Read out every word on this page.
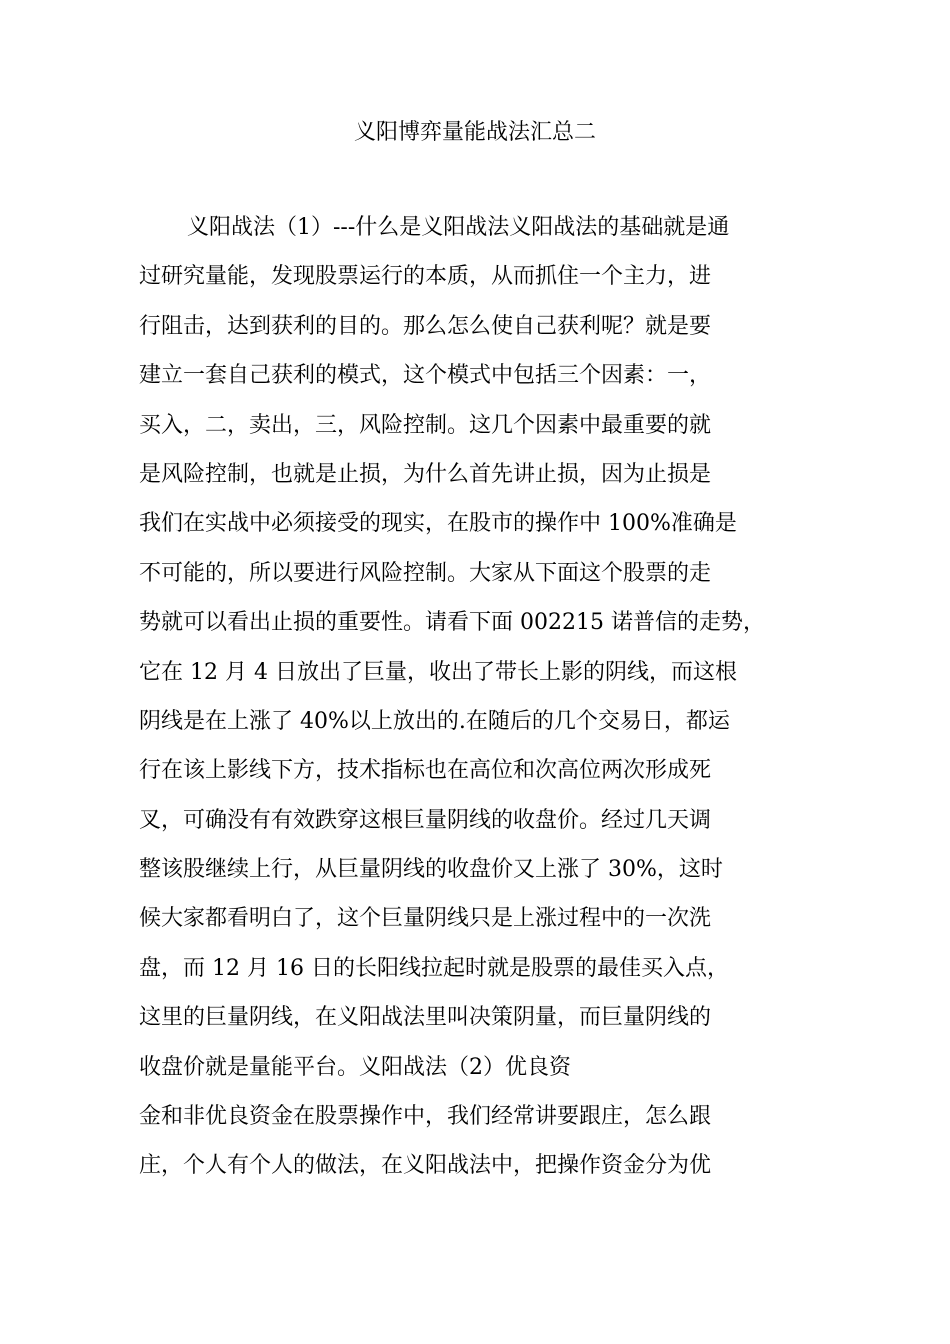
义阳博弈量能战法汇总二
义阳战法（1）---什么是义阳战法义阳战法的基础就是通
过研究量能，发现股票运行的本质，从而抓住一个主力，进
行阻击，达到获利的目的。那么怎么使自己获利呢？就是要
建立一套自己获利的模式，这个模式中包括三个因素：一，
买入，二，卖出，三，风险控制。这几个因素中最重要的就
是风险控制，也就是止损，为什么首先讲止损，因为止损是
我们在实战中必须接受的现实，在股市的操作中 100%准确是
不可能的，所以要进行风险控制。大家从下面这个股票的走
势就可以看出止损的重要性。请看下面 002215 诺普信的走势，
它在 12 月 4 日放出了巨量，收出了带长上影的阴线，而这根
阴线是在上涨了 40%以上放出的.在随后的几个交易日，都运
行在该上影线下方，技术指标也在高位和次高位两次形成死
叉，可确没有有效跌穿这根巨量阴线的收盘价。经过几天调
整该股继续上行，从巨量阴线的收盘价又上涨了 30%，这时
候大家都看明白了，这个巨量阴线只是上涨过程中的一次洗
盘，而 12 月 16 日的长阳线拉起时就是股票的最佳买入点，
这里的巨量阴线，在义阳战法里叫决策阴量，而巨量阴线的
收盘价就是量能平台。义阳战法（2）优良资
金和非优良资金在股票操作中，我们经常讲要跟庄，怎么跟
庄，个人有个人的做法，在义阳战法中，把操作资金分为优
